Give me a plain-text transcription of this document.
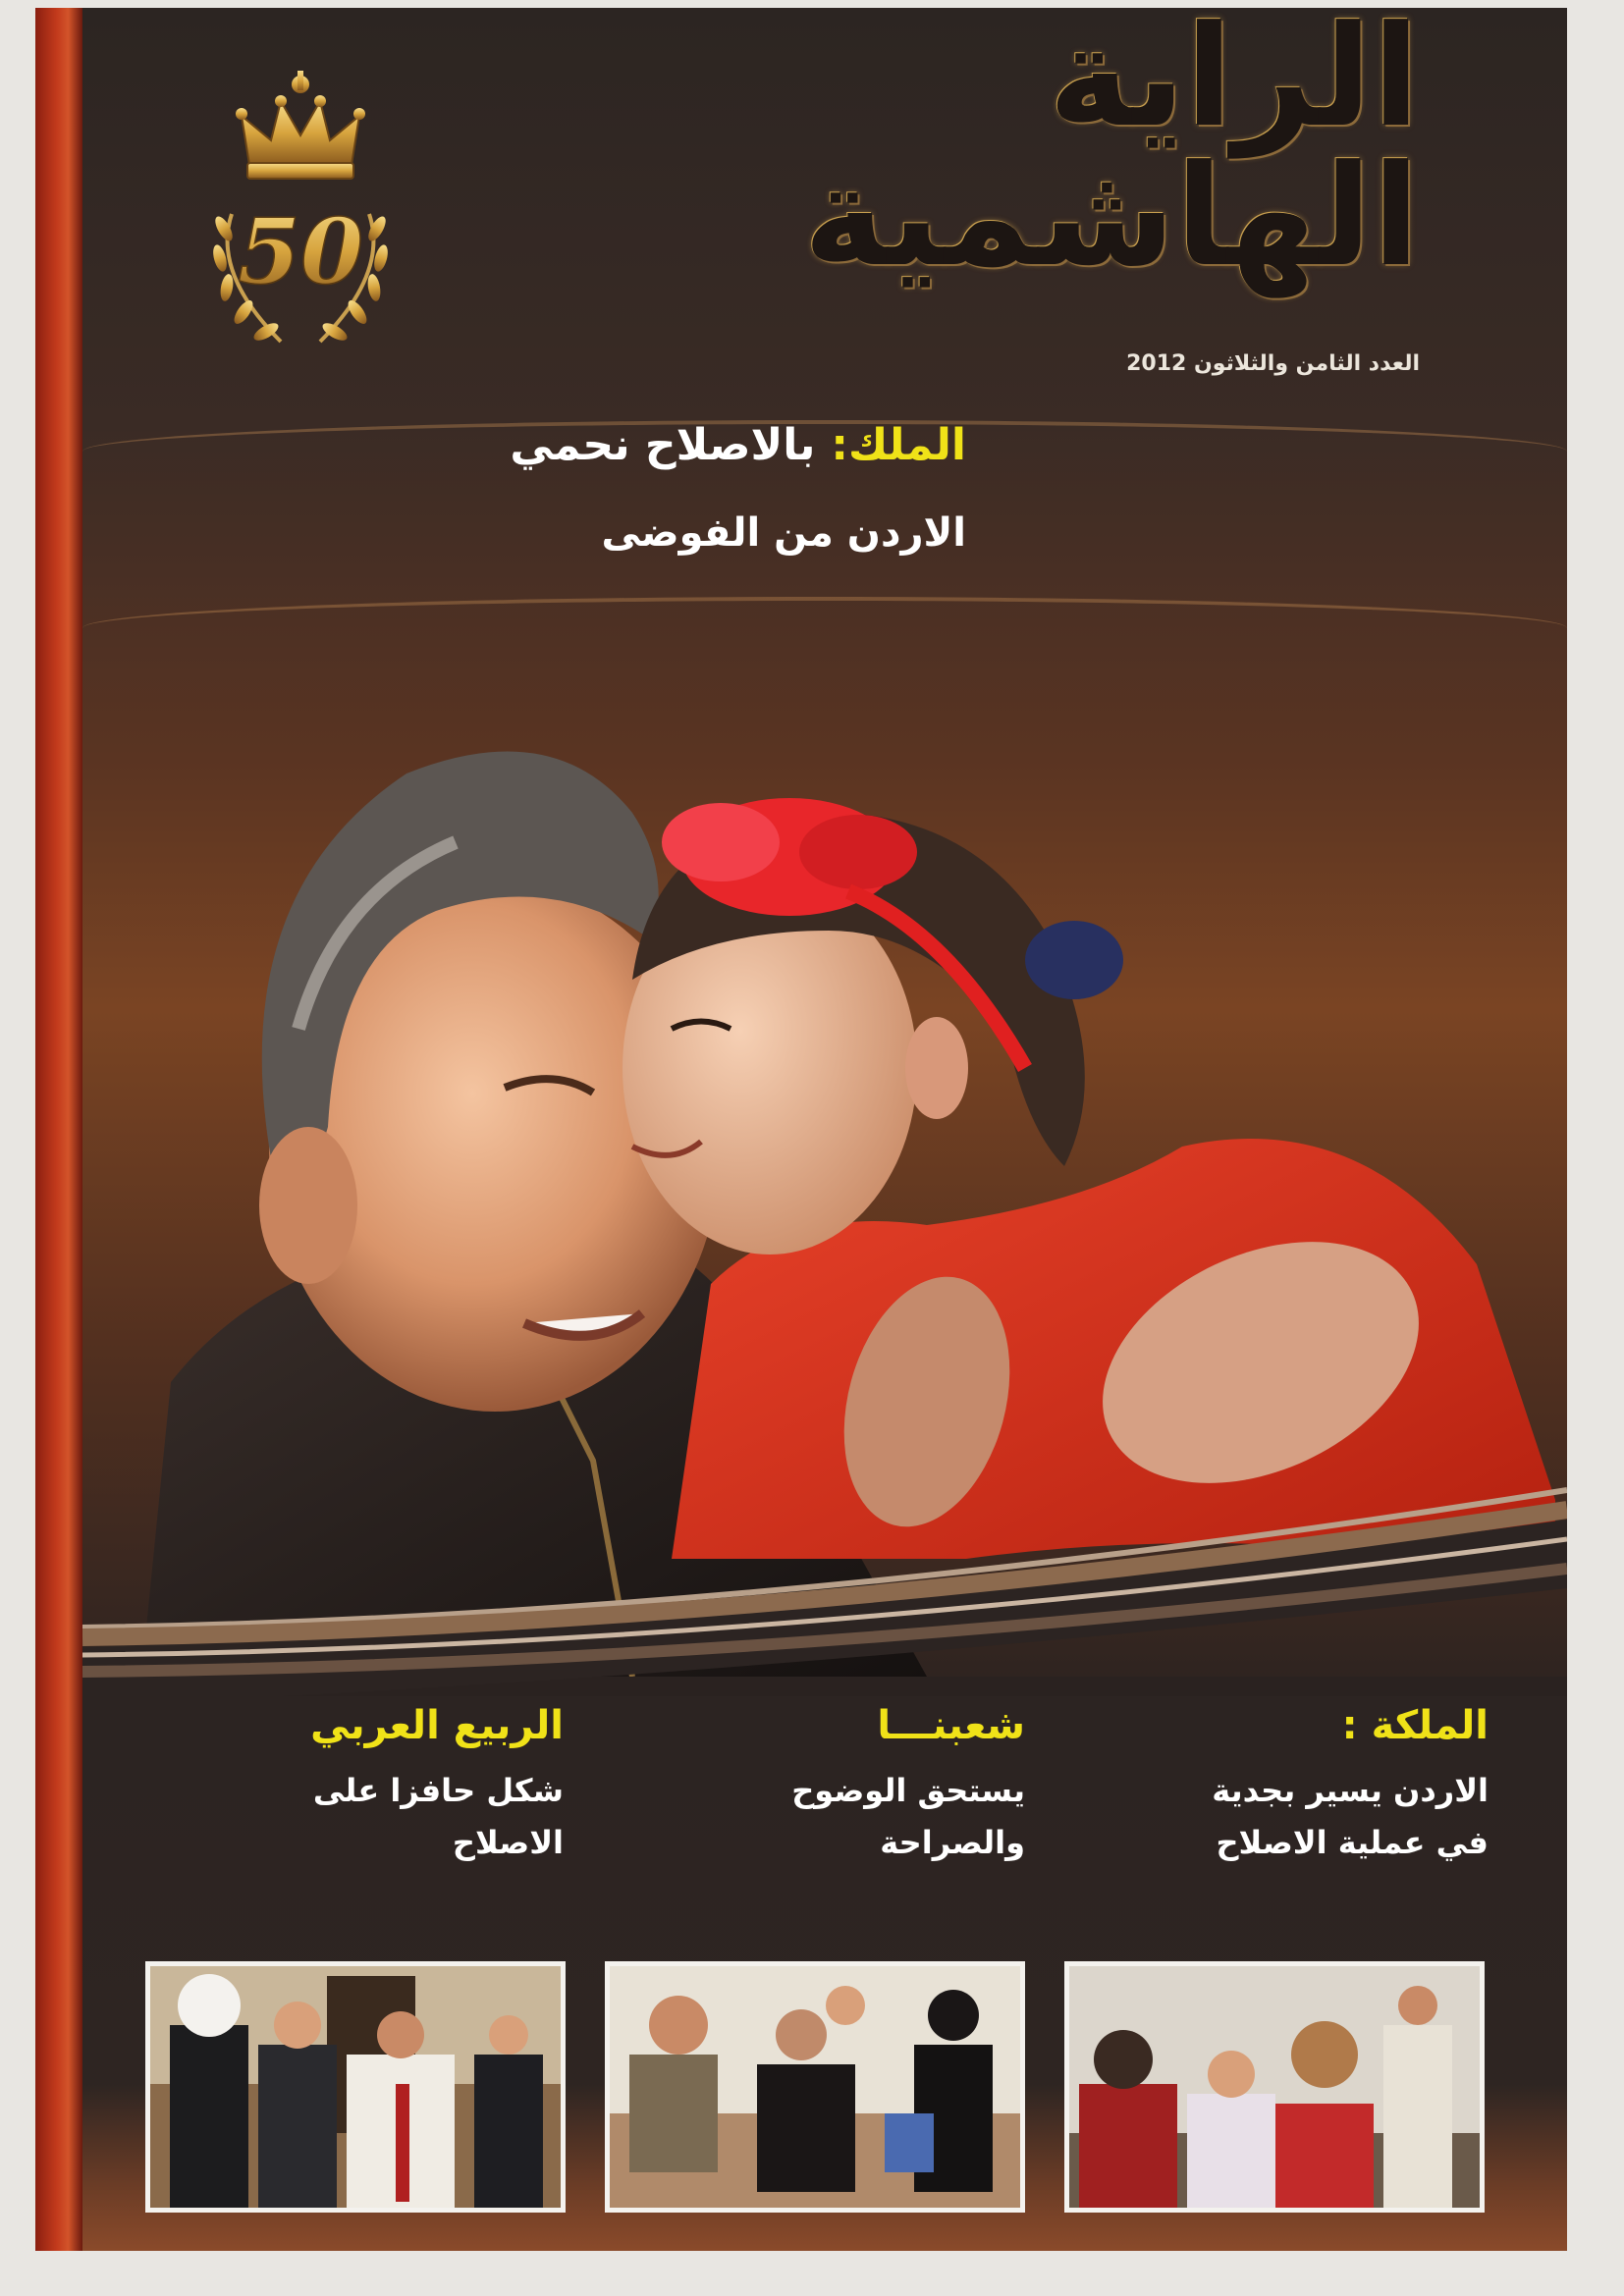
50
الراية الهاشمية
العدد الثامن والثلاثون 2012
الملك:بالاصلاح نحمي
الاردن من الفوضى
الملكة :
الاردن يسير بجدية
في عملية الاصلاح
شعبنـــا
يستحق الوضوح
والصراحة
الربيع العربي
شكل حافزا على
الاصلاح
